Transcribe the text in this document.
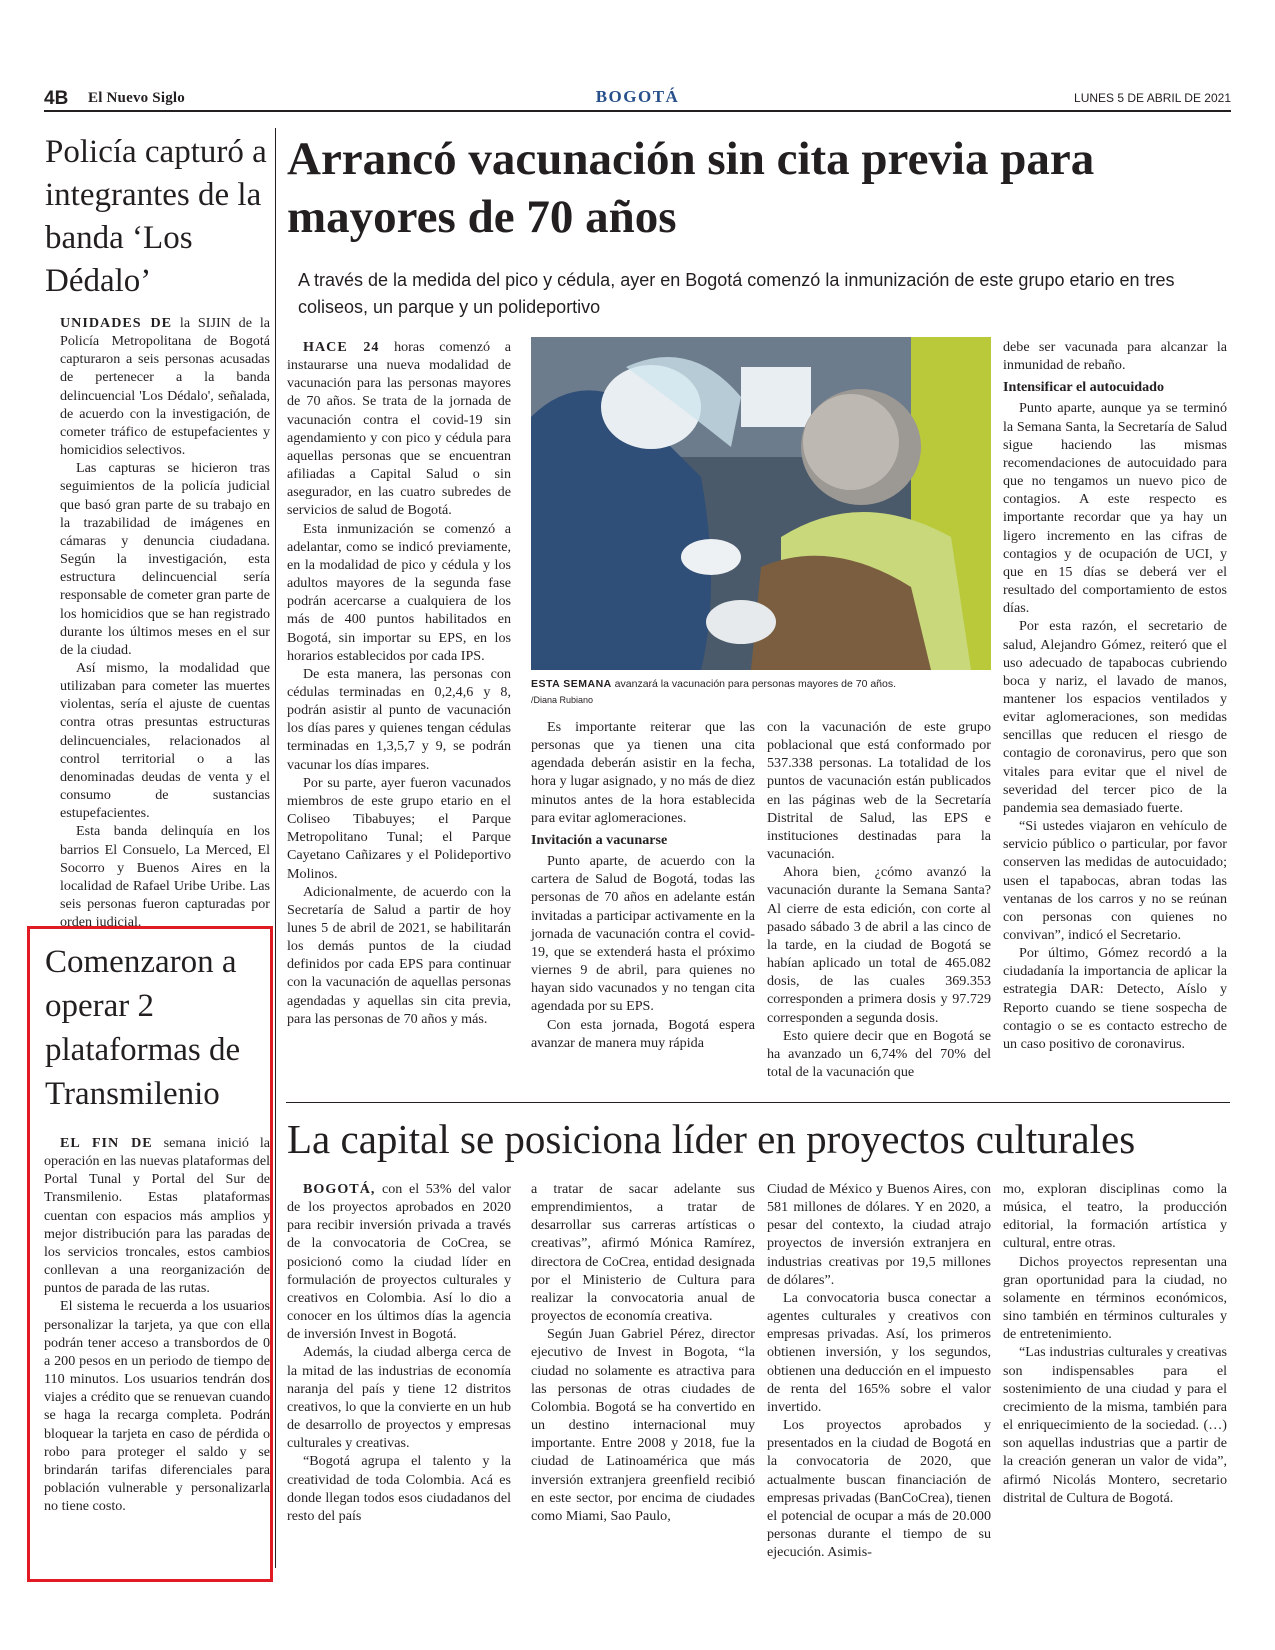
4B El Nuevo Siglo	BOGOTÁ	LUNES 5 DE ABRIL DE 2021
Policía capturó a integrantes de la banda ‘Los Dédalo’

UNIDADES DE la SIJIN de la Policía Metropolitana de Bogotá capturaron a seis personas acusadas de pertenecer a la banda delincuencial 'Los Dédalo', señalada, de acuerdo con la investigación, de cometer tráfico de estupefacientes y homicidios selectivos.

Las capturas se hicieron tras seguimientos de la policía judicial que basó gran parte de su trabajo en la trazabilidad de imágenes en cámaras y denuncia ciudadana. Según la investigación, esta estructura delincuencial sería responsable de cometer gran parte de los homicidios que se han registrado durante los últimos meses en el sur de la ciudad.

Así mismo, la modalidad que utilizaban para cometer las muertes violentas, sería el ajuste de cuentas contra otras presuntas estructuras delincuenciales, relacionados al control territorial o a las denominadas deudas de venta y el consumo de sustancias estupefacientes.

Esta banda delinquía en los barrios El Consuelo, La Merced, El Socorro y Buenos Aires en la localidad de Rafael Uribe Uribe. Las seis personas fueron capturadas por orden judicial.

Comenzaron a operar 2 plataformas de Transmilenio

EL FIN DE semana inició la operación en las nuevas plataformas del Portal Tunal y Portal del Sur de Transmilenio. Estas plataformas cuentan con espacios más amplios y mejor distribución para las paradas de los servicios troncales, estos cambios conllevan a una reorganización de puntos de parada de las rutas.

El sistema le recuerda a los usuarios personalizar la tarjeta, ya que con ella podrán tener acceso a transbordos de 0 a 200 pesos en un periodo de tiempo de 110 minutos. Los usuarios tendrán dos viajes a crédito que se renuevan cuando se haga la recarga completa. Podrán bloquear la tarjeta en caso de pérdida o robo para proteger el saldo y se brindarán tarifas diferenciales para población vulnerable y personalizarla no tiene costo.

Arrancó vacunación sin cita previa para mayores de 70 años
A través de la medida del pico y cédula, ayer en Bogotá comenzó la inmunización de este grupo etario en tres coliseos, un parque y un polideportivo

HACE 24 horas comenzó a instaurarse una nueva modalidad de vacunación para las personas mayores de 70 años. Se trata de la jornada de vacunación contra el covid-19 sin agendamiento y con pico y cédula para aquellas personas que se encuentran afiliadas a Capital Salud o sin asegurador, en las cuatro subredes de servicios de salud de Bogotá.

Esta inmunización se comenzó a adelantar, como se indicó previamente, en la modalidad de pico y cédula y los adultos mayores de la segunda fase podrán acercarse a cualquiera de los más de 400 puntos habilitados en Bogotá, sin importar su EPS, en los horarios establecidos por cada IPS.

De esta manera, las personas con cédulas terminadas en 0,2,4,6 y 8, podrán asistir al punto de vacunación los días pares y quienes tengan cédulas terminadas en 1,3,5,7 y 9, se podrán vacunar los días impares.

Por su parte, ayer fueron vacunados miembros de este grupo etario en el Coliseo Tibabuyes; el Parque Metropolitano Tunal; el Parque Cayetano Cañizares y el Polideportivo Molinos.

Adicionalmente, de acuerdo con la Secretaría de Salud a partir de hoy lunes 5 de abril de 2021, se habilitarán los demás puntos de la ciudad definidos por cada EPS para continuar con la vacunación de aquellas personas agendadas y aquellas sin cita previa, para las personas de 70 años y más.

ESTA SEMANA avanzará la vacunación para personas mayores de 70 años.
/Diana Rubiano

Es importante reiterar que las personas que ya tienen una cita agendada deberán asistir en la fecha, hora y lugar asignado, y no más de diez minutos antes de la hora establecida para evitar aglomeraciones.

Invitación a vacunarse

Punto aparte, de acuerdo con la cartera de Salud de Bogotá, todas las personas de 70 años en adelante están invitadas a participar activamente en la jornada de vacunación contra el covid-19, que se extenderá hasta el próximo viernes 9 de abril, para quienes no hayan sido vacunados y no tengan cita agendada por su EPS.

Con esta jornada, Bogotá espera avanzar de manera muy rápida

con la vacunación de este grupo poblacional que está conformado por 537.338 personas. La totalidad de los puntos de vacunación están publicados en las páginas web de la Secretaría Distrital de Salud, las EPS e instituciones destinadas para la vacunación.

Ahora bien, ¿cómo avanzó la vacunación durante la Semana Santa? Al cierre de esta edición, con corte al pasado sábado 3 de abril a las cinco de la tarde, en la ciudad de Bogotá se habían aplicado un total de 465.082 dosis, de las cuales 369.353 corresponden a primera dosis y 97.729 corresponden a segunda dosis.

Esto quiere decir que en Bogotá se ha avanzado un 6,74% del 70% del total de la vacunación que

debe ser vacunada para alcanzar la inmunidad de rebaño.

Intensificar el autocuidado

Punto aparte, aunque ya se terminó la Semana Santa, la Secretaría de Salud sigue haciendo las mismas recomendaciones de autocuidado para que no tengamos un nuevo pico de contagios. A este respecto es importante recordar que ya hay un ligero incremento en las cifras de contagios y de ocupación de UCI, y que en 15 días se deberá ver el resultado del comportamiento de estos días.

Por esta razón, el secretario de salud, Alejandro Gómez, reiteró que el uso adecuado de tapabocas cubriendo boca y nariz, el lavado de manos, mantener los espacios ventilados y evitar aglomeraciones, son medidas sencillas que reducen el riesgo de contagio de coronavirus, pero que son vitales para evitar que el nivel de severidad del tercer pico de la pandemia sea demasiado fuerte.

“Si ustedes viajaron en vehículo de servicio público o particular, por favor conserven las medidas de autocuidado; usen el tapabocas, abran todas las ventanas de los carros y no se reúnan con personas con quienes no convivan”, indicó el Secretario.

Por último, Gómez recordó a la ciudadanía la importancia de aplicar la estrategia DAR: Detecto, Aíslo y Reporto cuando se tiene sospecha de contagio o se es contacto estrecho de un caso positivo de coronavirus.

La capital se posiciona líder en proyectos culturales

BOGOTÁ, con el 53% del valor de los proyectos aprobados en 2020 para recibir inversión privada a través de la convocatoria de CoCrea, se posicionó como la ciudad líder en formulación de proyectos culturales y creativos en Colombia. Así lo dio a conocer en los últimos días la agencia de inversión Invest in Bogotá.

Además, la ciudad alberga cerca de la mitad de las industrias de economía naranja del país y tiene 12 distritos creativos, lo que la convierte en un hub de desarrollo de proyectos y empresas culturales y creativas.

“Bogotá agrupa el talento y la creatividad de toda Colombia. Acá es donde llegan todos esos ciudadanos del resto del país

a tratar de sacar adelante sus emprendimientos, a tratar de desarrollar sus carreras artísticas o creativas”, afirmó Mónica Ramírez, directora de CoCrea, entidad designada por el Ministerio de Cultura para realizar la convocatoria anual de proyectos de economía creativa.

Según Juan Gabriel Pérez, director ejecutivo de Invest in Bogota, “la ciudad no solamente es atractiva para las personas de otras ciudades de Colombia. Bogotá se ha convertido en un destino internacional muy importante. Entre 2008 y 2018, fue la ciudad de Latinoamérica que más inversión extranjera greenfield recibió en este sector, por encima de ciudades como Miami, Sao Paulo,

Ciudad de México y Buenos Aires, con 581 millones de dólares. Y en 2020, a pesar del contexto, la ciudad atrajo proyectos de inversión extranjera en industrias creativas por 19,5 millones de dólares”.

La convocatoria busca conectar a agentes culturales y creativos con empresas privadas. Así, los primeros obtienen inversión, y los segundos, obtienen una deducción en el impuesto de renta del 165% sobre el valor invertido.

Los proyectos aprobados y presentados en la ciudad de Bogotá en la convocatoria de 2020, que actualmente buscan financiación de empresas privadas (BanCoCrea), tienen el potencial de ocupar a más de 20.000 personas durante el tiempo de su ejecución. Asimis-

mo, exploran disciplinas como la música, el teatro, la producción editorial, la formación artística y cultural, entre otras.

Dichos proyectos representan una gran oportunidad para la ciudad, no solamente en términos económicos, sino también en términos culturales y de entretenimiento.

“Las industrias culturales y creativas son indispensables para el sostenimiento de una ciudad y para el crecimiento de la misma, también para el enriquecimiento de la sociedad. (…) son aquellas industrias que a partir de la creación generan un valor de vida”, afirmó Nicolás Montero, secretario distrital de Cultura de Bogotá.
